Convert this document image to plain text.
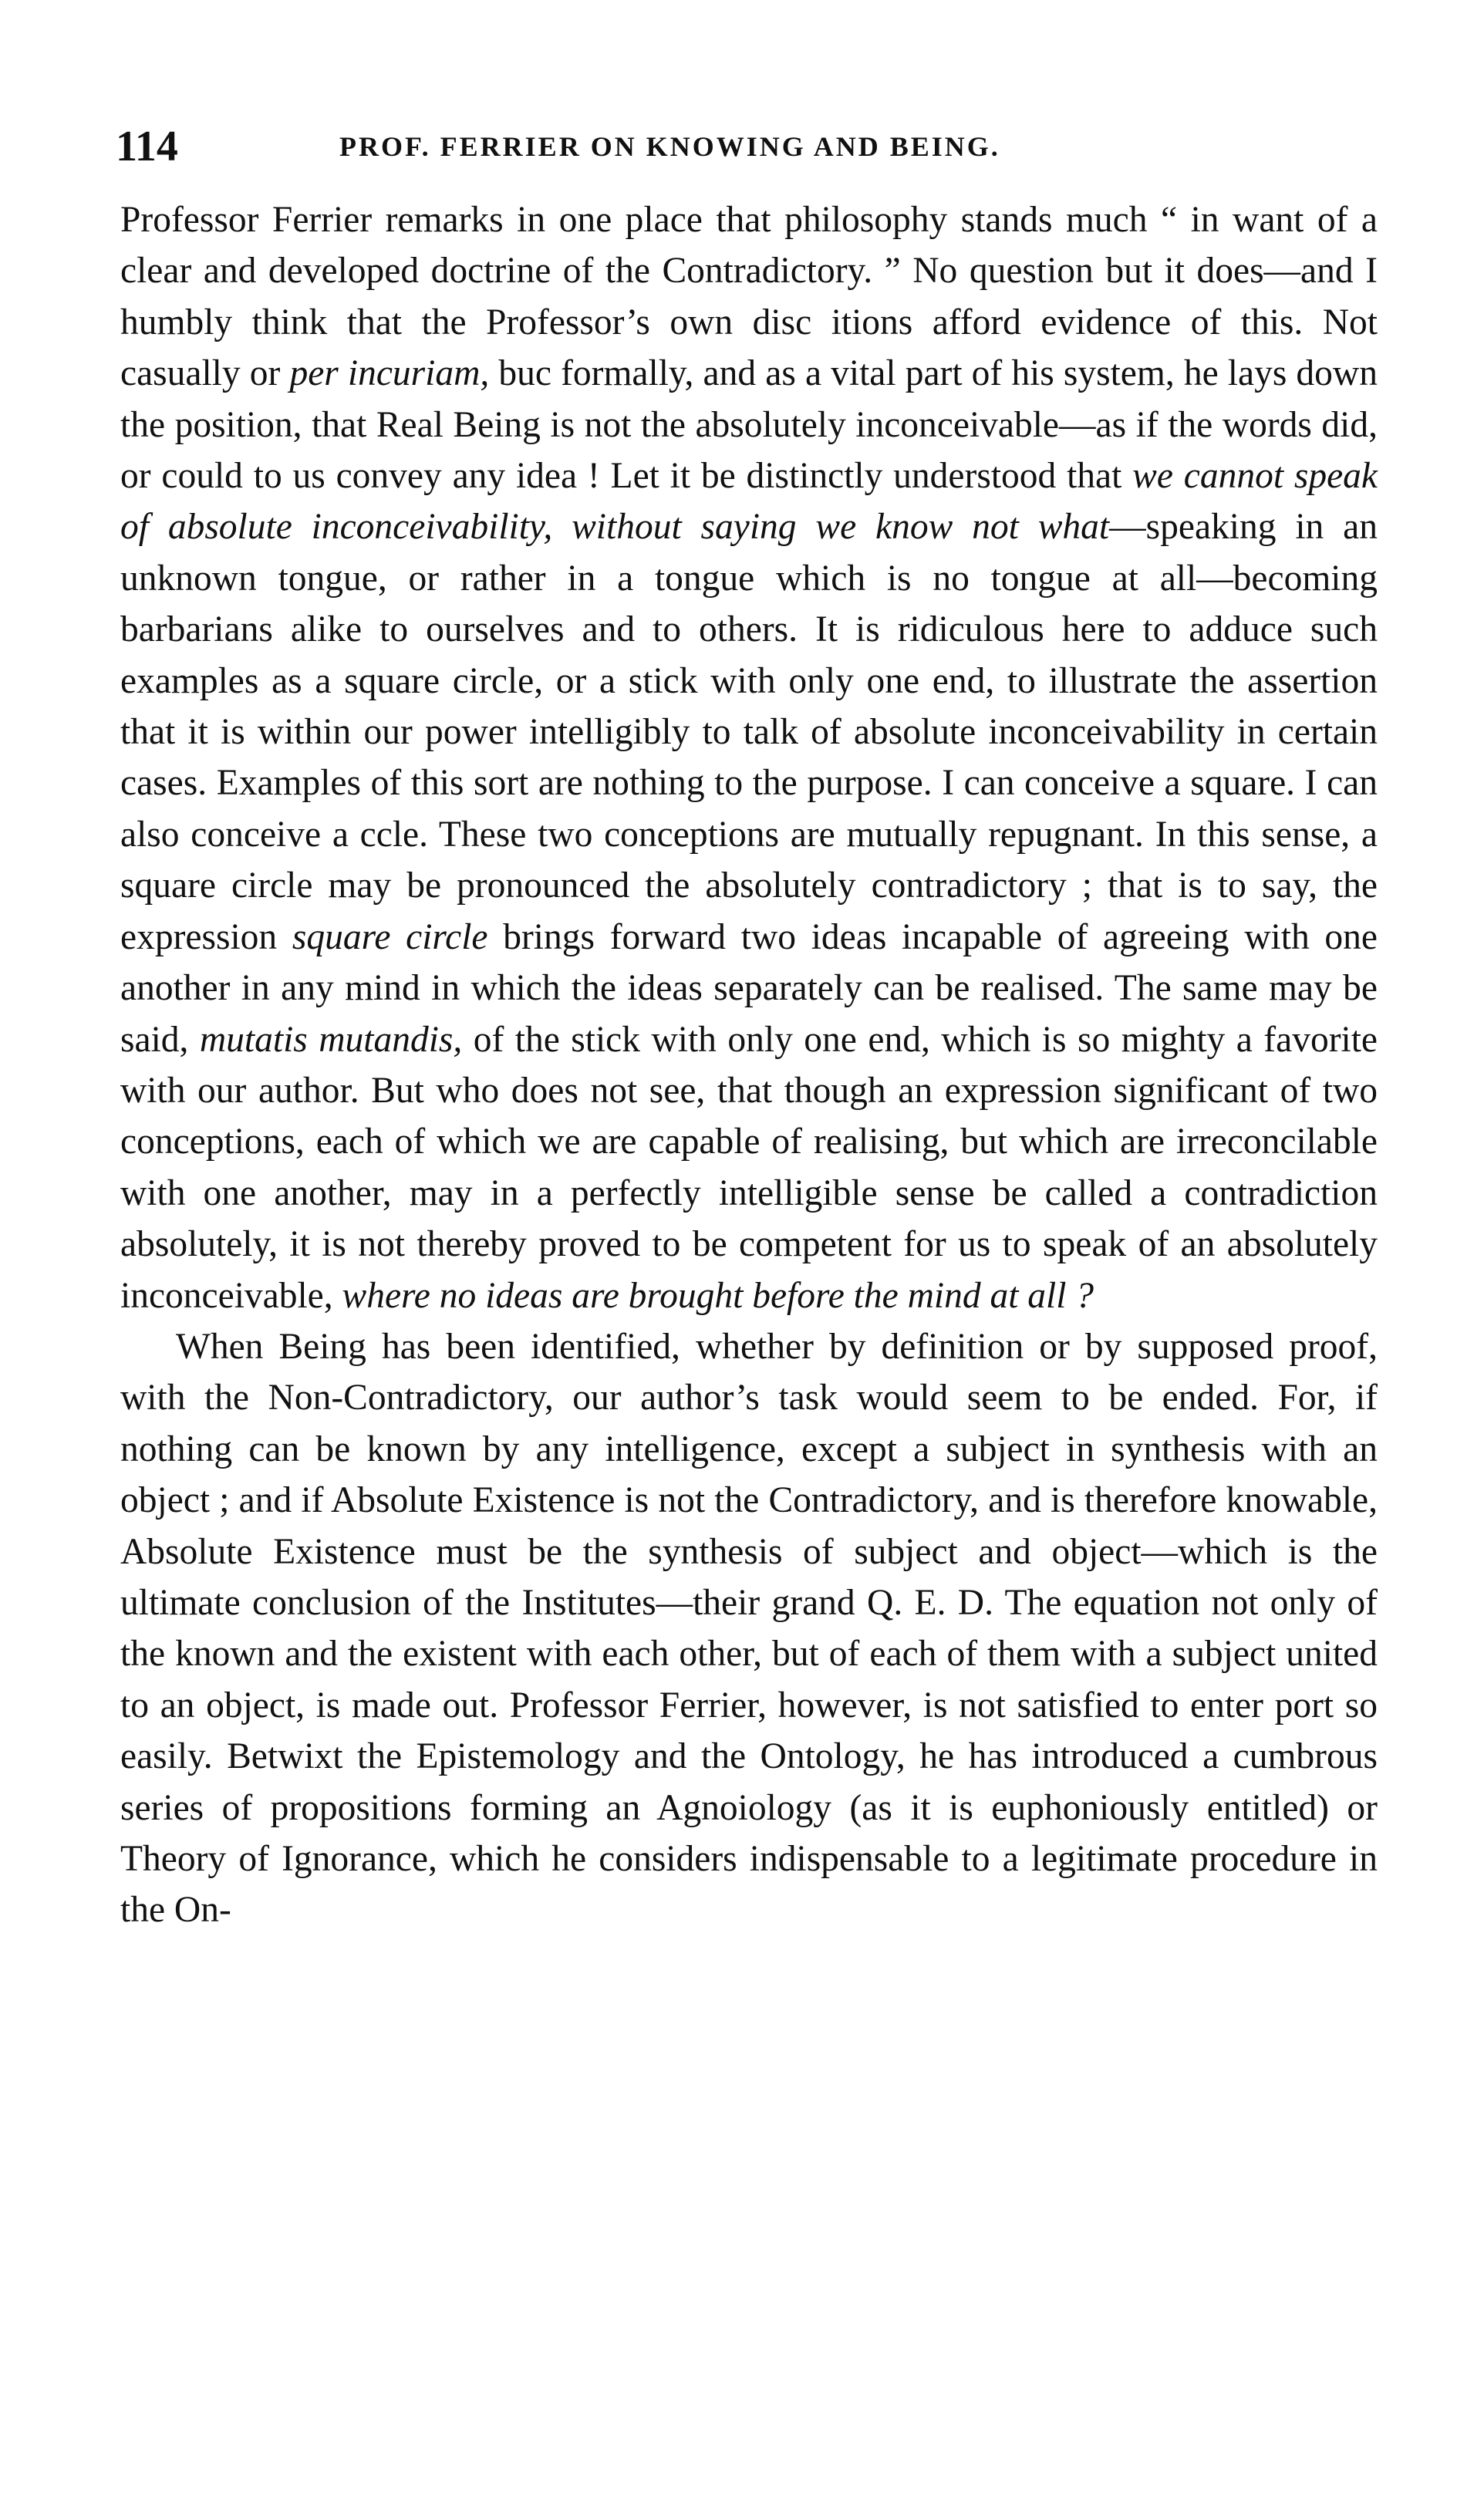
114	PROF. FERRIER ON KNOWING AND BEING.

Professor Ferrier remarks in one place that philosophy stands much “ in want of a clear and developed doctrine of the Contradictory. ” No question but it does—and I humbly think that the Professor’s own disc itions afford evidence of this. Not casually or per incuriam, buc formally, and as a vital part of his system, he lays down the position, that Real Being is not the absolutely inconceivable—as if the words did, or could to us convey any idea ! Let it be distinctly understood that we cannot speak of absolute inconceivability, without saying we know not what—speaking in an unknown tongue, or rather in a tongue which is no tongue at all—becoming barbarians alike to ourselves and to others. It is ridiculous here to adduce such examples as a square circle, or a stick with only one end, to illustrate the assertion that it is within our power intelligibly to talk of absolute inconceivability in certain cases. Examples of this sort are nothing to the purpose. I can conceive a square. I can also conceive a ccle. These two conceptions are mutually repugnant. In this sense, a square circle may be pronounced the absolutely contradictory ; that is to say, the expression square circle brings forward two ideas incapable of agreeing with one another in any mind in which the ideas separately can be realised. The same may be said, mutatis mutandis, of the stick with only one end, which is so mighty a favorite with our author. But who does not see, that though an expression significant of two conceptions, each of which we are capable of realising, but which are irreconcilable with one another, may in a perfectly intelligible sense be called a contradiction absolutely, it is not thereby proved to be competent for us to speak of an absolutely inconceivable, where no ideas are brought before the mind at all ?

When Being has been identified, whether by definition or by supposed proof, with the Non-Contradictory, our author’s task would seem to be ended. For, if nothing can be known by any intelligence, except a subject in synthesis with an object ; and if Absolute Existence is not the Contradictory, and is therefore knowable, Absolute Existence must be the synthesis of subject and object—which is the ultimate conclusion of the Institutes—their grand Q. E. D. The equation not only of the known and the existent with each other, but of each of them with a subject united to an object, is made out. Professor Ferrier, however, is not satisfied to enter port so easily. Betwixt the Epistemology and the Ontology, he has introduced a cumbrous series of propositions forming an Agnoiology (as it is euphoniously entitled) or Theory of Ignorance, which he considers indispensable to a legitimate procedure in the On-
